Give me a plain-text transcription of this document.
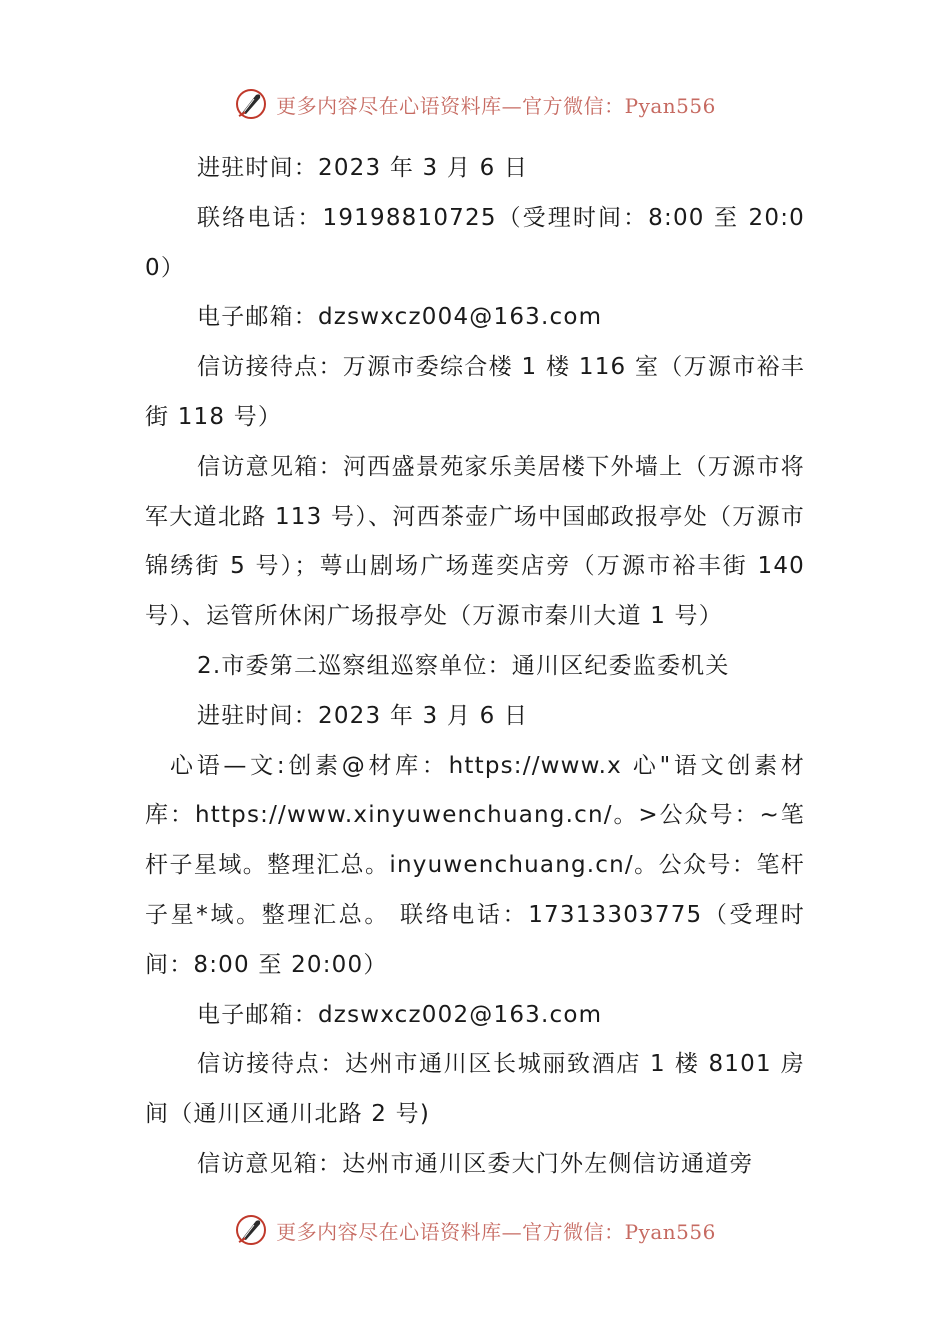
更多内容尽在心语资料库—官方微信：Pyan556

进驻时间：2023 年 3 月 6 日

联络电话：19198810725（受理时间：8:00 至 20:00）

电子邮箱：dzswxcz004@163.com

信访接待点：万源市委综合楼 1 楼 116 室（万源市裕丰街 118 号）

信访意见箱：河西盛景苑家乐美居楼下外墙上（万源市将军大道北路 113 号）、河西茶壶广场中国邮政报亭处（万源市锦绣街 5 号）；萼山剧场广场莲奕店旁（万源市裕丰街 140 号）、运管所休闲广场报亭处（万源市秦川大道 1 号）

2.市委第二巡察组巡察单位：通川区纪委监委机关

进驻时间：2023 年 3 月 6 日

心语—文:创素@材库：https://www.x 心"语文创素材库：https://www.xinyuwenchuang.cn/。>公众号：~笔杆子星域。整理汇总。inyuwenchuang.cn/。公众号：笔杆子星*域。整理汇总。 联络电话：17313303775（受理时间：8:00 至 20:00）

电子邮箱：dzswxcz002@163.com

信访接待点：达州市通川区长城丽致酒店 1 楼 8101 房间（通川区通川北路 2 号)

信访意见箱：达州市通川区委大门外左侧信访通道旁

更多内容尽在心语资料库—官方微信：Pyan556
